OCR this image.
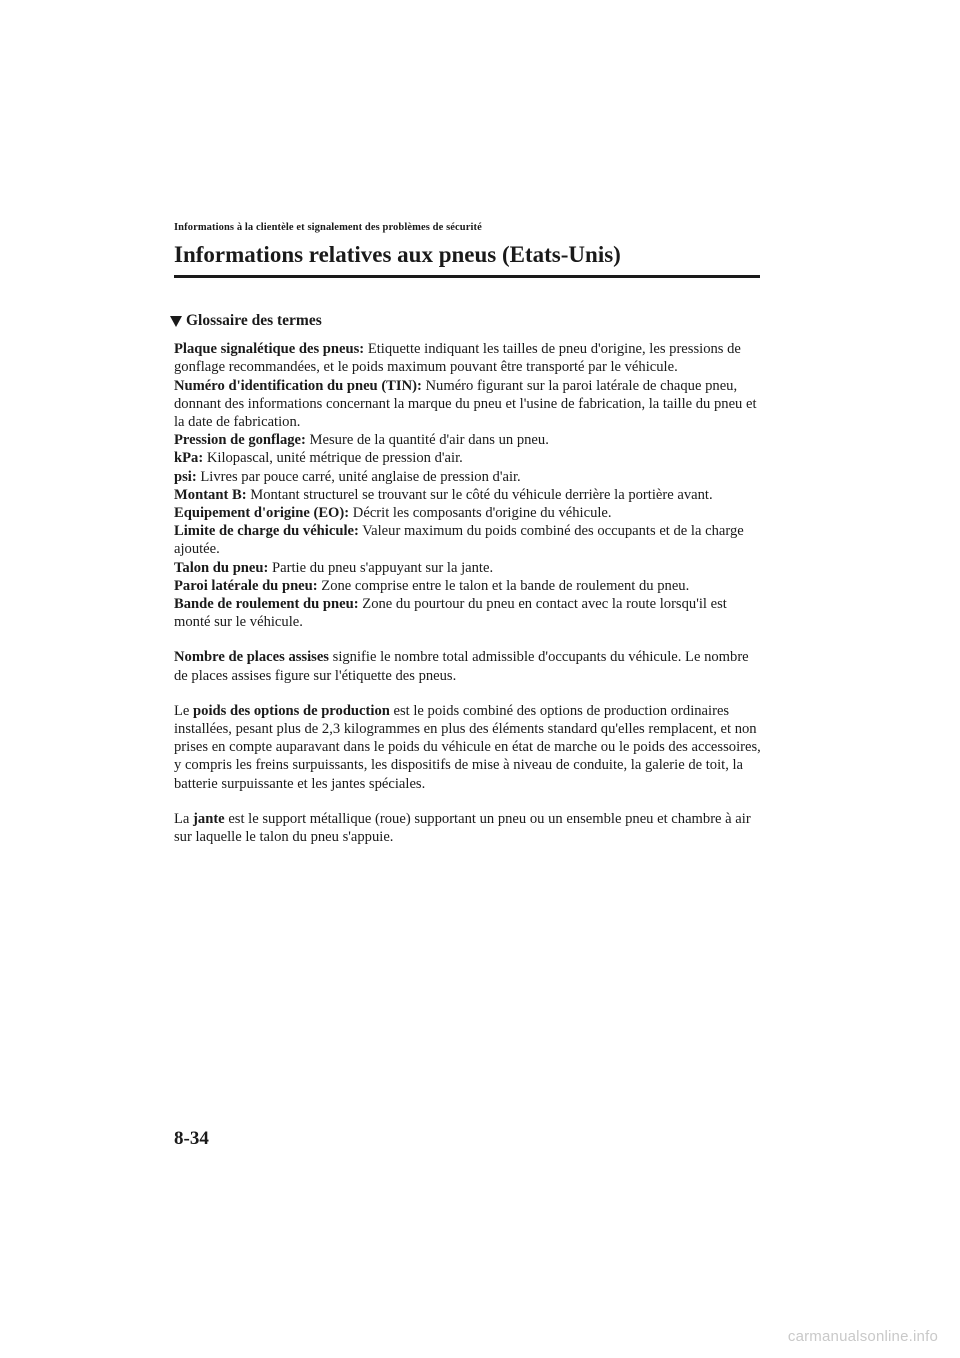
Informations à la clientèle et signalement des problèmes de sécurité
Informations relatives aux pneus (Etats-Unis)
Glossaire des termes

Plaque signalétique des pneus: Etiquette indiquant les tailles de pneu d'origine, les pressions de gonflage recommandées, et le poids maximum pouvant être transporté par le véhicule.

Numéro d'identification du pneu (TIN): Numéro figurant sur la paroi latérale de chaque pneu, donnant des informations concernant la marque du pneu et l'usine de fabrication, la taille du pneu et la date de fabrication.

Pression de gonflage: Mesure de la quantité d'air dans un pneu.

kPa: Kilopascal, unité métrique de pression d'air.

psi: Livres par pouce carré, unité anglaise de pression d'air.

Montant B: Montant structurel se trouvant sur le côté du véhicule derrière la portière avant.

Equipement d'origine (EO): Décrit les composants d'origine du véhicule.

Limite de charge du véhicule: Valeur maximum du poids combiné des occupants et de la charge ajoutée.

Talon du pneu: Partie du pneu s'appuyant sur la jante.

Paroi latérale du pneu: Zone comprise entre le talon et la bande de roulement du pneu.

Bande de roulement du pneu: Zone du pourtour du pneu en contact avec la route lorsqu'il est monté sur le véhicule.

Nombre de places assises signifie le nombre total admissible d'occupants du véhicule. Le nombre de places assises figure sur l'étiquette des pneus.

Le poids des options de production est le poids combiné des options de production ordinaires installées, pesant plus de 2,3 kilogrammes en plus des éléments standard qu'elles remplacent, et non prises en compte auparavant dans le poids du véhicule en état de marche ou le poids des accessoires, y compris les freins surpuissants, les dispositifs de mise à niveau de conduite, la galerie de toit, la batterie surpuissante et les jantes spéciales.

La jante est le support métallique (roue) supportant un pneu ou un ensemble pneu et chambre à air sur laquelle le talon du pneu s'appuie.

8-34
carmanualsonline.info
